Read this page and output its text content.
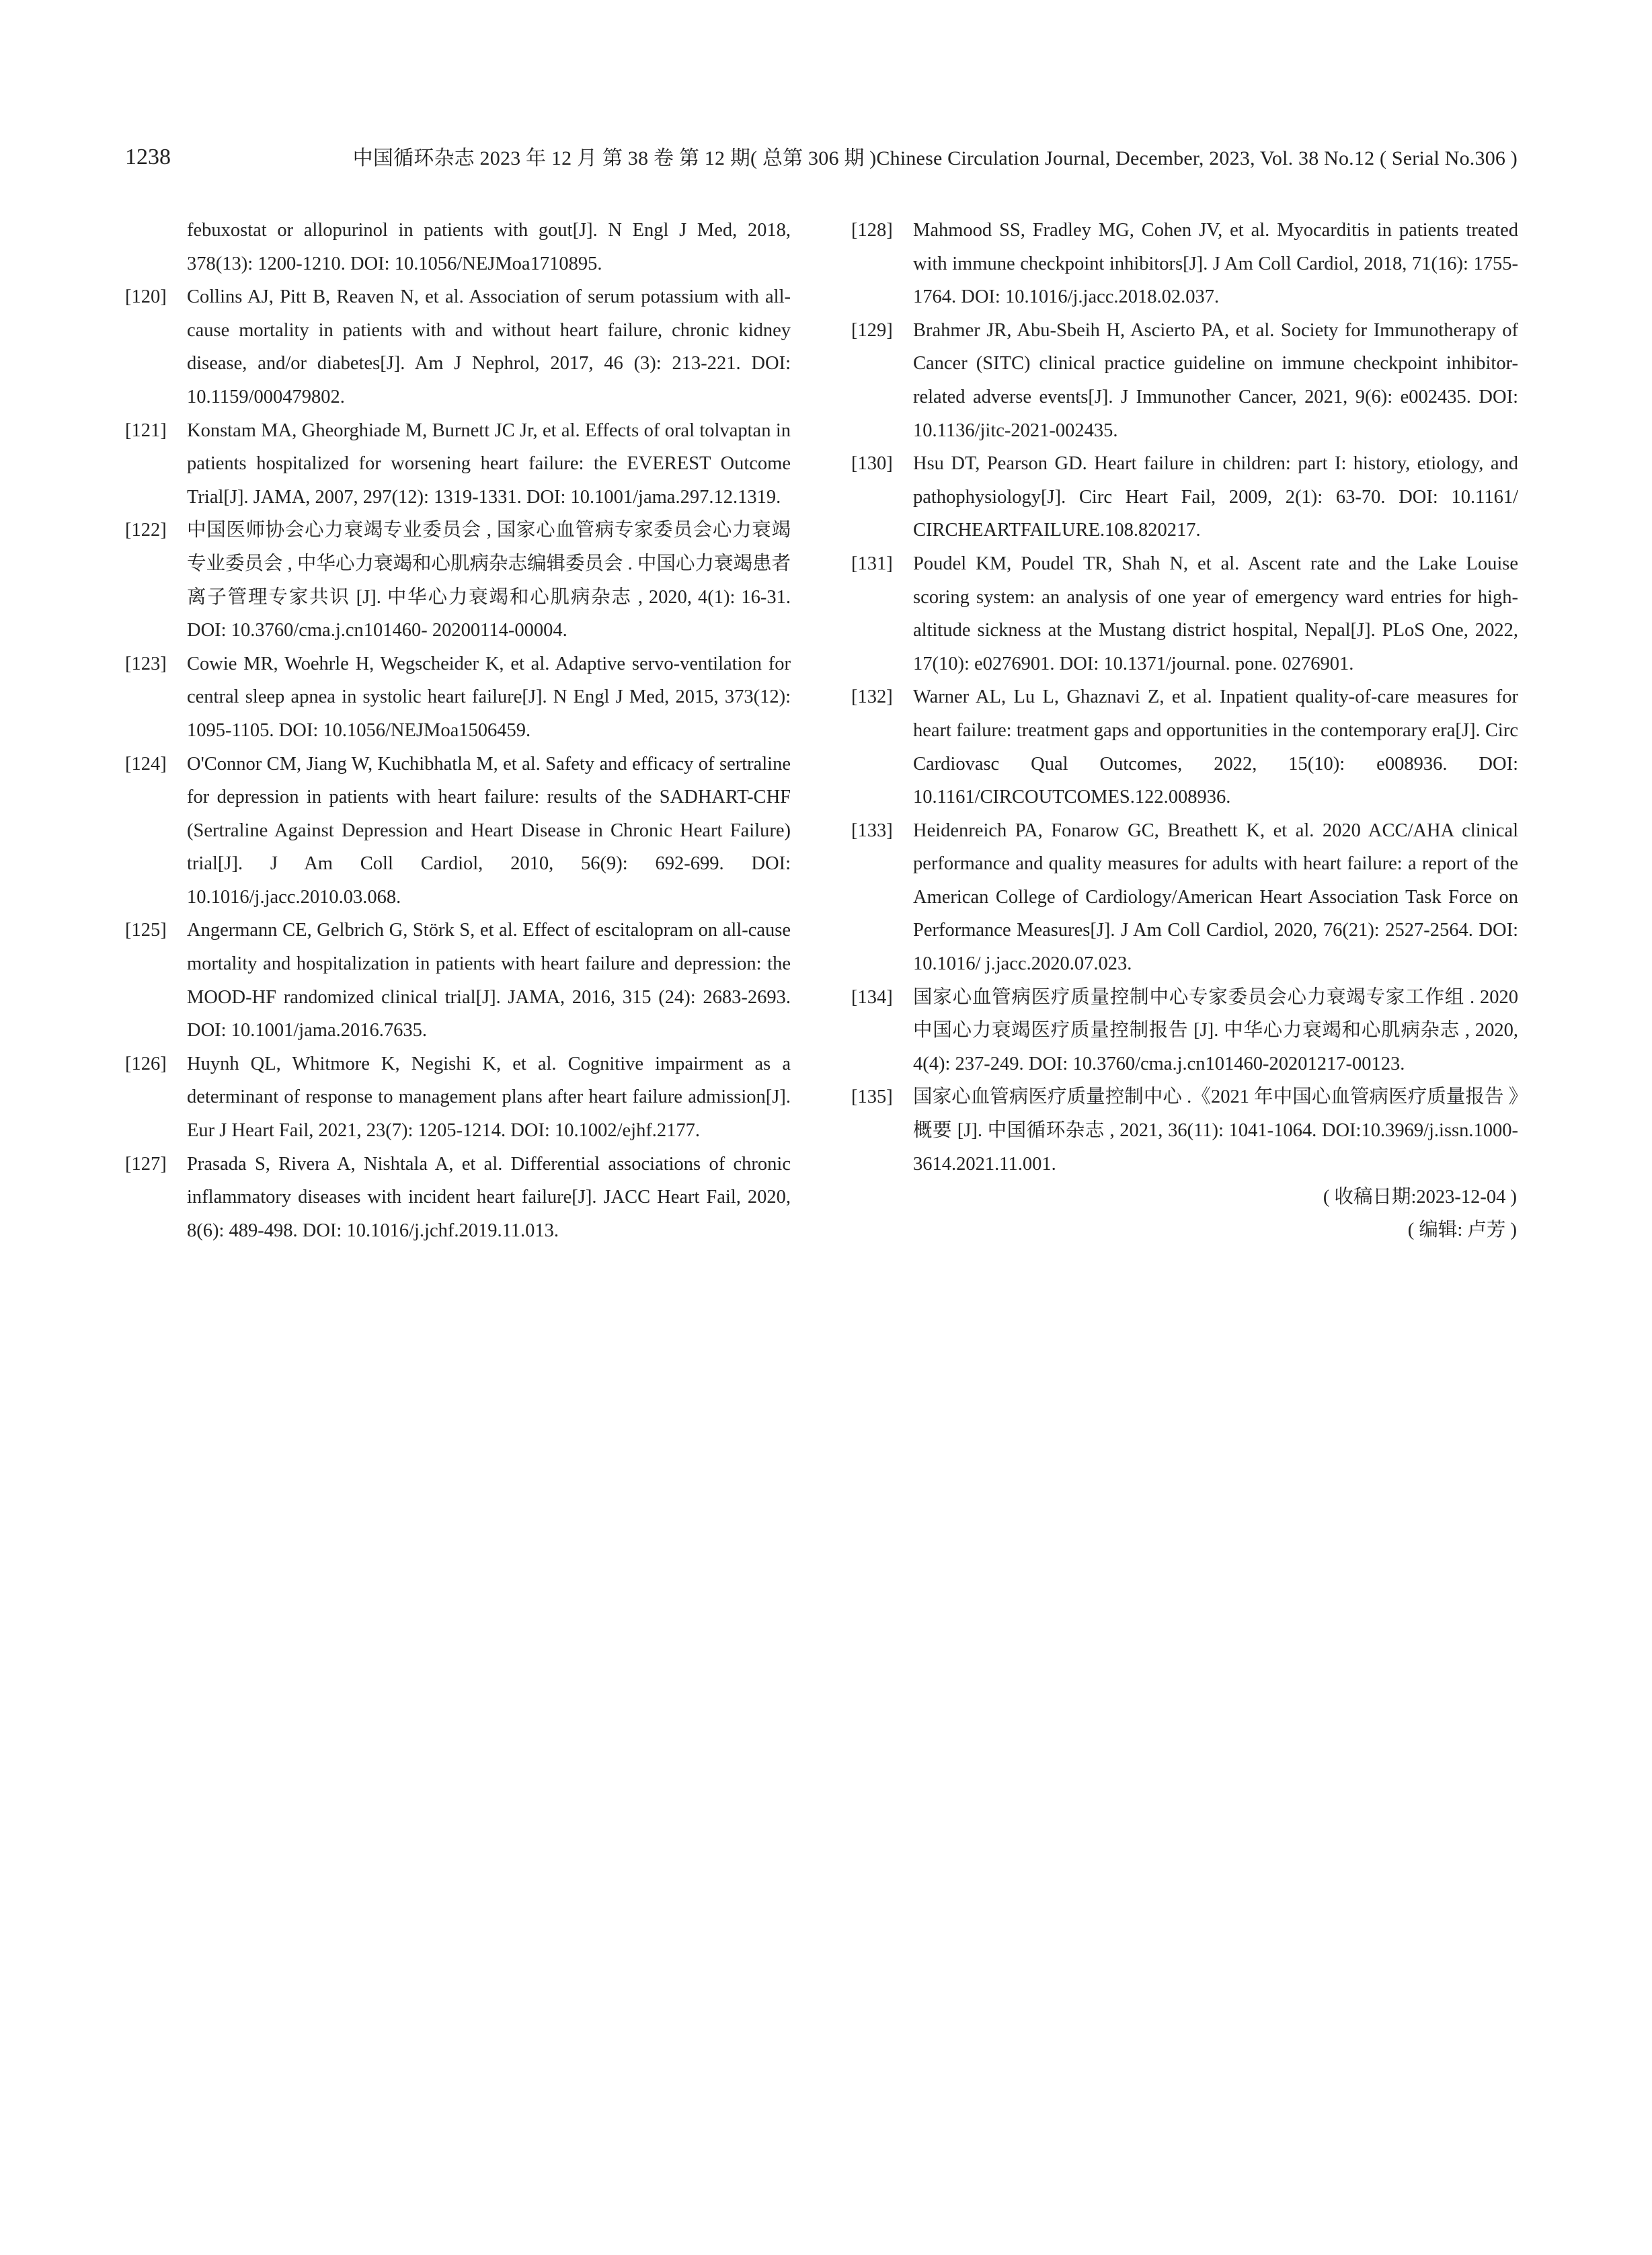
1238	中国循环杂志 2023 年 12 月 第 38 卷 第 12 期( 总第 306 期 )Chinese Circulation Journal, December, 2023, Vol. 38 No.12 ( Serial No.306 )
febuxostat or allopurinol in patients with gout[J]. N Engl J Med, 2018, 378(13): 1200-1210. DOI: 10.1056/NEJMoa1710895.
[120] Collins AJ, Pitt B, Reaven N, et al. Association of serum potassium with all-cause mortality in patients with and without heart failure, chronic kidney disease, and/or diabetes[J]. Am J Nephrol, 2017, 46 (3): 213-221. DOI: 10.1159/000479802.
[121] Konstam MA, Gheorghiade M, Burnett JC Jr, et al. Effects of oral tolvaptan in patients hospitalized for worsening heart failure: the EVEREST Outcome Trial[J]. JAMA, 2007, 297(12): 1319-1331. DOI: 10.1001/jama.297.12.1319.
[122] 中国医师协会心力衰竭专业委员会 , 国家心血管病专家委员会心力衰竭专业委员会 , 中华心力衰竭和心肌病杂志编辑委员会 . 中国心力衰竭患者离子管理专家共识 [J]. 中华心力衰竭和心肌病杂志 , 2020, 4(1): 16-31. DOI: 10.3760/cma.j.cn101460- 20200114-00004.
[123] Cowie MR, Woehrle H, Wegscheider K, et al. Adaptive servo-ventilation for central sleep apnea in systolic heart failure[J]. N Engl J Med, 2015, 373(12): 1095-1105. DOI: 10.1056/NEJMoa1506459.
[124] O'Connor CM, Jiang W, Kuchibhatla M, et al. Safety and efficacy of sertraline for depression in patients with heart failure: results of the SADHART-CHF (Sertraline Against Depression and Heart Disease in Chronic Heart Failure) trial[J]. J Am Coll Cardiol, 2010, 56(9): 692-699. DOI: 10.1016/j.jacc.2010.03.068.
[125] Angermann CE, Gelbrich G, Störk S, et al. Effect of escitalopram on all-cause mortality and hospitalization in patients with heart failure and depression: the MOOD-HF randomized clinical trial[J]. JAMA, 2016, 315 (24): 2683-2693. DOI: 10.1001/jama.2016.7635.
[126] Huynh QL, Whitmore K, Negishi K, et al. Cognitive impairment as a determinant of response to management plans after heart failure admission[J]. Eur J Heart Fail, 2021, 23(7): 1205-1214. DOI: 10.1002/ejhf.2177.
[127] Prasada S, Rivera A, Nishtala A, et al. Differential associations of chronic inflammatory diseases with incident heart failure[J]. JACC Heart Fail, 2020, 8(6): 489-498. DOI: 10.1016/j.jchf.2019.11.013.
[128] Mahmood SS, Fradley MG, Cohen JV, et al. Myocarditis in patients treated with immune checkpoint inhibitors[J]. J Am Coll Cardiol, 2018, 71(16): 1755-1764. DOI: 10.1016/j.jacc.2018.02.037.
[129] Brahmer JR, Abu-Sbeih H, Ascierto PA, et al. Society for Immunotherapy of Cancer (SITC) clinical practice guideline on immune checkpoint inhibitor-related adverse events[J]. J Immunother Cancer, 2021, 9(6): e002435. DOI: 10.1136/jitc-2021-002435.
[130] Hsu DT, Pearson GD. Heart failure in children: part I: history, etiology, and pathophysiology[J]. Circ Heart Fail, 2009, 2(1): 63-70. DOI: 10.1161/ CIRCHEARTFAILURE.108.820217.
[131] Poudel KM, Poudel TR, Shah N, et al. Ascent rate and the Lake Louise scoring system: an analysis of one year of emergency ward entries for high-altitude sickness at the Mustang district hospital, Nepal[J]. PLoS One, 2022, 17(10): e0276901. DOI: 10.1371/journal. pone. 0276901.
[132] Warner AL, Lu L, Ghaznavi Z, et al. Inpatient quality-of-care measures for heart failure: treatment gaps and opportunities in the contemporary era[J]. Circ Cardiovasc Qual Outcomes, 2022, 15(10): e008936. DOI: 10.1161/CIRCOUTCOMES.122.008936.
[133] Heidenreich PA, Fonarow GC, Breathett K, et al. 2020 ACC/AHA clinical performance and quality measures for adults with heart failure: a report of the American College of Cardiology/American Heart Association Task Force on Performance Measures[J]. J Am Coll Cardiol, 2020, 76(21): 2527-2564. DOI: 10.1016/ j.jacc.2020.07.023.
[134] 国家心血管病医疗质量控制中心专家委员会心力衰竭专家工作组 . 2020 中国心力衰竭医疗质量控制报告 [J]. 中华心力衰竭和心肌病杂志 , 2020, 4(4): 237-249. DOI: 10.3760/cma.j.cn101460-20201217-00123.
[135] 国家心血管病医疗质量控制中心 .《2021 年中国心血管病医疗质量报告 》概要 [J]. 中国循环杂志 , 2021, 36(11): 1041-1064. DOI:10.3969/j.issn.1000-3614.2021.11.001.
( 收稿日期:2023-12-04 )
( 编辑: 卢芳 )
